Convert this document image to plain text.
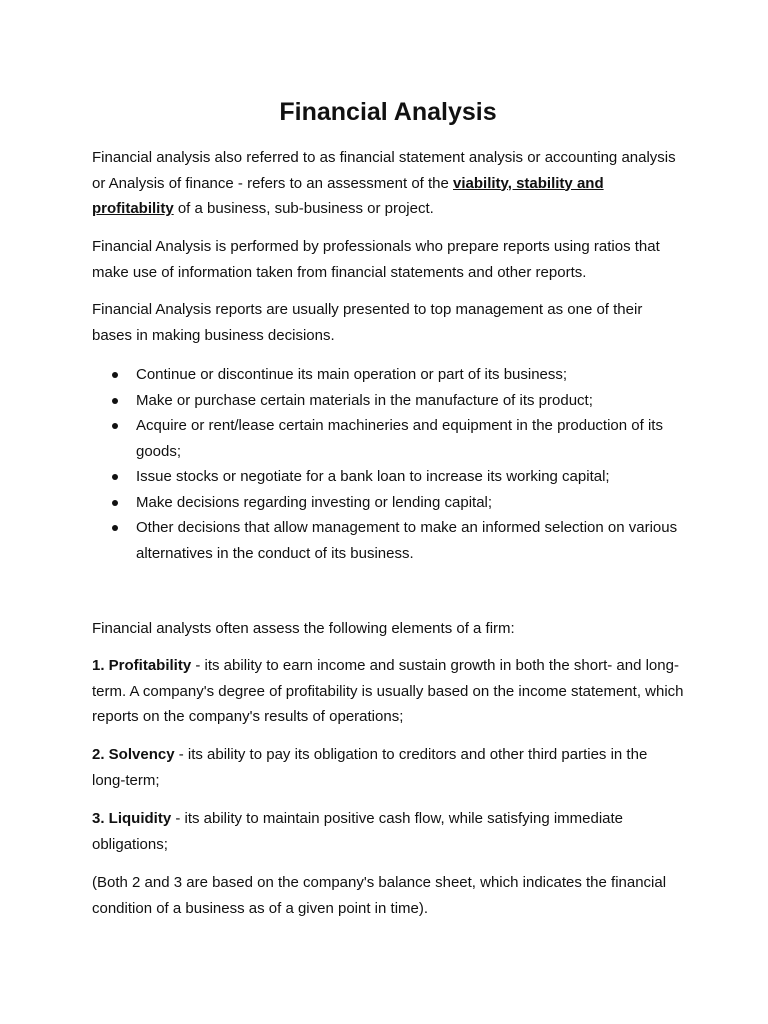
Financial Analysis

Financial analysis also referred to as financial statement analysis or accounting analysis or Analysis of finance - refers to an assessment of the viability, stability and profitability of a business, sub-business or project.

Financial Analysis is performed by professionals who prepare reports using ratios that make use of information taken from financial statements and other reports.

Financial Analysis reports are usually presented to top management as one of their bases in making business decisions.

Continue or discontinue its main operation or part of its business;
Make or purchase certain materials in the manufacture of its product;
Acquire or rent/lease certain machineries and equipment in the production of its goods;
Issue stocks or negotiate for a bank loan to increase its working capital;
Make decisions regarding investing or lending capital;
Other decisions that allow management to make an informed selection on various alternatives in the conduct of its business.

Financial analysts often assess the following elements of a firm:

1. Profitability - its ability to earn income and sustain growth in both the short- and long-term. A company's degree of profitability is usually based on the income statement, which reports on the company's results of operations;

2. Solvency - its ability to pay its obligation to creditors and other third parties in the long-term;

3. Liquidity - its ability to maintain positive cash flow, while satisfying immediate obligations;

(Both 2 and 3 are based on the company's balance sheet, which indicates the financial condition of a business as of a given point in time).
